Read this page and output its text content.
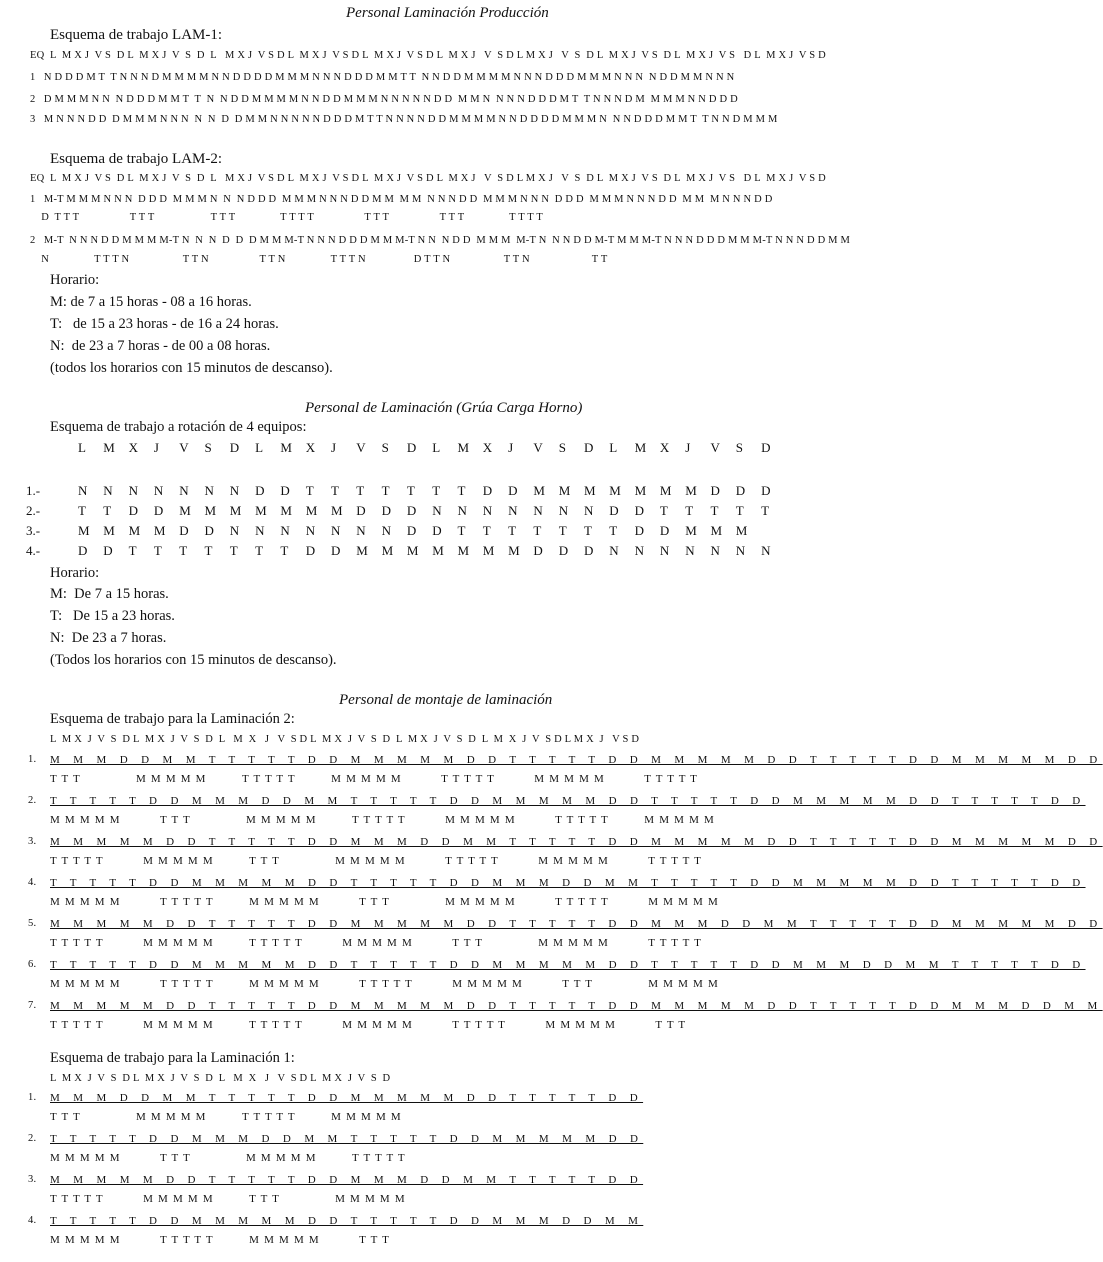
Personal Laminación Producción
Esquema de trabajo LAM-1:
EQ  L  M X J  V S  D L  M X J  V  S  D  L   M X J  V S D L  M X J  V S D L  M X J  V S D L  M X J   V  S D L M X J   V  S  D L  M X J  V S  D L  M X J  V S   D L  M X J  V S D
1   N D D D M T  T N N N D M M M M N N D D D D M M M N N N D D D M M T T  N N D D M M M M N N N D D D M M M N N N  N D D M M N N N
2   D M M M N N  N D D D M M T  T  N  N D D M M M M N N D D M M M N N N N N D D  M M N  N N N D D D M T  T N N N D M  M M M N N D D D
3   M N N N D D  D M M M N N N  N  N  D  D M M N N N N N D D D M T T N N N N D D M M M M N N D D D D M M M N  N N D D D M M T  T N N D M M M
Esquema de trabajo LAM-2:
EQ  L  M X J  V S  D L  M X J  V  S  D  L   M X J  V S D L  M X J  V S D L  M X J  V S D L  M X J   V  S D L M X J   V  S  D L  M X J  V S  D L  M X J  V S   D L  M X J  V S D
1   M-T M M M N N N  D D D  M M M N  N  N D D D  M M M N N N D D M M  M M  N N N D D  M M M N N N  D D D  M M M N N N D D  M M  M N N N D D
D  T T T                  T T T                    T T T                T T T T                  T T T                  T T T                T T T T
2   M-T  N N N D D M M M M-T N  N  N  D  D  D M M M-T N N N D D D M M M-T N N  N D D  M M M  M-T N  N N D D M-T M M M-T N N N D D D M M M-T N N N D D M M
N                T T T N                   T T N                  T T N                T T T N                 D T T N                   T T N                      T T
Horario:
M: de 7 a 15 horas - 08 a 16 horas.
T:   de 15 a 23 horas - de 16 a 24 horas.
N:  de 23 a 7 horas - de 00 a 08 horas.
(todos los horarios con 15 minutos de descanso).
Personal de Laminación (Grúa Carga Horno)
Esquema de trabajo a rotación de 4 equipos:
L M X J V S D L M X J V S D L M X J V S D L M X J V S D
1.-	N N N N N N N D D T T T T T T T D D M M M M M M M D D D
2.-	T T D D M M M M M M M D D D N N N N N N N D D T T T T T
3.-	M M M M D D N N N N N N N D D T T T T T T T D D M M M
4.-	D D T T T T T T T D D M M M M M M M D D D N N N N N N N
Horario:
M:  De 7 a 15 horas.
T:   De 15 a 23 horas.
N:  De 23 a 7 horas.
(Todos los horarios con 15 minutos de descanso).
Personal de montaje de laminación
Esquema de trabajo para la Laminación 2:
L  M X  J  V  S  D L  M X  J  V  S  D  L   M  X   J   V  S D L  M X  J  V  S  D  L  M X  J  V  S  D  L  M  X  J  V  S D L M X  J   V S D
1. M M M D D M M T T T T T D D M M M M M D D T T T T T D D M M M M M D D T T T T T D D M M M M M D D
T T T              M M M M M         T T T T T         M M M M M          T T T T T          M M M M M          T T T T T
2. T T T T T D D M M M D D M M T T T T T D D M M M M M D D T T T T T D D M M M M M D D T T T T T D D
M M M M M          T T T              M M M M M         T T T T T          M M M M M          T T T T T         M M M M M
3. M M M M M D D T T T T T D D M M M D D M M T T T T T D D M M M M M D D T T T T T D D M M M M M D D
T T T T T          M M M M M         T T T              M M M M M          T T T T T          M M M M M          T T T T T
4. T T T T T D D M M M M M D D T T T T T D D M M M D D M M T T T T T D D M M M M M D D T T T T T D D
M M M M M          T T T T T         M M M M M          T T T              M M M M M          T T T T T          M M M M M
5. M M M M M D D T T T T T D D M M M M M D D T T T T T D D M M M D D M M T T T T T D D M M M M M D D
T T T T T          M M M M M         T T T T T          M M M M M          T T T              M M M M M          T T T T T
6. T T T T T D D M M M M M D D T T T T T D D M M M M M D D T T T T T D D M M M D D M M T T T T T D D
M M M M M          T T T T T         M M M M M          T T T T T          M M M M M          T T T              M M M M M
7. M M M M M D D T T T T T D D M M M M M D D T T T T T D D M M M M M D D T T T T T D D M M M D D M M
T T T T T          M M M M M         T T T T T          M M M M M          T T T T T          M M M M M          T T T
Esquema de trabajo para la Laminación 1:
L  M X  J  V  S  D L  M X  J  V  S  D  L   M  X   J   V  S D L  M X  J  V  S  D
1. M M M D D M M T T T T T D D M M M M M D D T T T T T D D
T T T              M M M M M         T T T T T         M M M M M
2. T T T T T D D M M M D D M M T T T T T D D M M M M M D D
M M M M M          T T T              M M M M M         T T T T T
3. M M M M M D D T T T T T D D M M M D D M M T T T T T D D
T T T T T          M M M M M         T T T              M M M M M
4. T T T T T D D M M M M M D D T T T T T D D M M M D D M M
M M M M M          T T T T T         M M M M M          T T T
